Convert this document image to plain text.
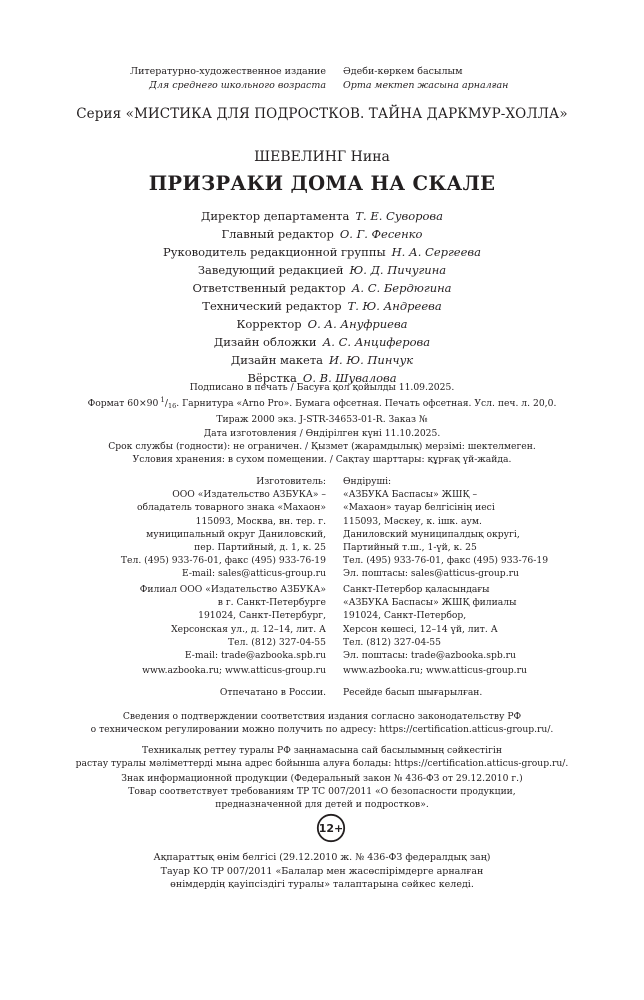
Литературно-художественное издание
Для среднего школьного возраста
Әдеби-көркем басылым
Орта мектеп жасына арналған
Серия «МИСТИКА ДЛЯ ПОДРОСТКОВ. ТАЙНА ДАРКМУР-ХОЛЛА»
ШЕВЕЛИНГ Нина
ПРИЗРАКИ ДОМА НА СКАЛЕ
Директор департамента Т. Е. Суворова
Главный редактор О. Г. Фесенко
Руководитель редакционной группы Н. А. Сергеева
Заведующий редакцией Ю. Д. Пичугина
Ответственный редактор А. С. Бердюгина
Технический редактор Т. Ю. Андреева
Корректор О. А. Ануфриева
Дизайн обложки А. С. Анциферова
Дизайн макета И. Ю. Пинчук
Вёрстка О. В. Шувалова
Подписано в печать / Басуға қол қойылды 11.09.2025.
Формат 60×90 $^1/_{16}$. Гарнитура «Arno Pro». Бумага офсетная. Печать офсетная. Усл. печ. л. 20,0.
Тираж 2000 экз. J-STR-34653-01-R. Заказ №
Дата изготовления / Өндірілген күні 11.10.2025.
Срок службы (годности): не ограничен. / Қызмет (жарамдылық) мерзімі: шектелмеген.
Условия хранения: в сухом помещении. / Сақтау шарттары: құрғақ үй-жайда.
Изготовитель:
ООО «Издательство АЗБУКА» –
обладатель товарного знака «Махаон»
115093, Москва, вн. тер. г.
муниципальный округ Даниловский,
пер. Партийный, д. 1, к. 25
Тел. (495) 933-76-01, факс (495) 933-76-19
E-mail: sales@atticus-group.ru
Өндіруші:
«АЗБУКА Баспасы» ЖШҚ –
«Махаон» тауар белгісінің иесі
115093, Мәскеу, к. ішк. аум.
Даниловский муниципалдық округі,
Партийный т.ш., 1-үй, к. 25
Тел. (495) 933-76-01, факс (495) 933-76-19
Эл. поштасы: sales@atticus-group.ru
Филиал ООО «Издательство АЗБУКА»
в г. Санкт-Петербурге
191024, Санкт-Петербург,
Херсонская ул., д. 12–14, лит. А
Тел. (812) 327-04-55
E-mail: trade@azbooka.spb.ru
Санкт-Петербор қаласындағы
«АЗБУКА Баспасы» ЖШҚ филиалы
191024, Санкт-Петербор,
Херсон көшесі, 12–14 үй, лит. А
Тел. (812) 327-04-55
Эл. поштасы: trade@azbooka.spb.ru
www.azbooka.ru; www.atticus-group.ru www.azbooka.ru; www.atticus-group.ru
Отпечатано в России. Ресейде басып шығарылған.
Сведения о подтверждении соответствия издания согласно законодательству РФ
о техническом регулировании можно получить по адресу: https://certification.atticus-group.ru/.
Техникалық реттеу туралы РФ заңнамасына сай басылымның сәйкестігін
растау туралы мәліметтерді мына адрес бойынша алуға болады: https://certification.atticus-group.ru/.
Знак информационной продукции (Федеральный закон № 436-ФЗ от 29.12.2010 г.)
Товар соответствует требованиям ТР ТС 007/2011 «О безопасности продукции,
предназначенной для детей и подростков».
12+
Ақпараттық өнім белгісі (29.12.2010 ж. № 436-ФЗ федералдық заң)
Тауар КО ТР 007/2011 «Балалар мен жасөспірімдерге арналған
өнімдердің қауіпсіздігі туралы» талаптарына сәйкес келеді.
